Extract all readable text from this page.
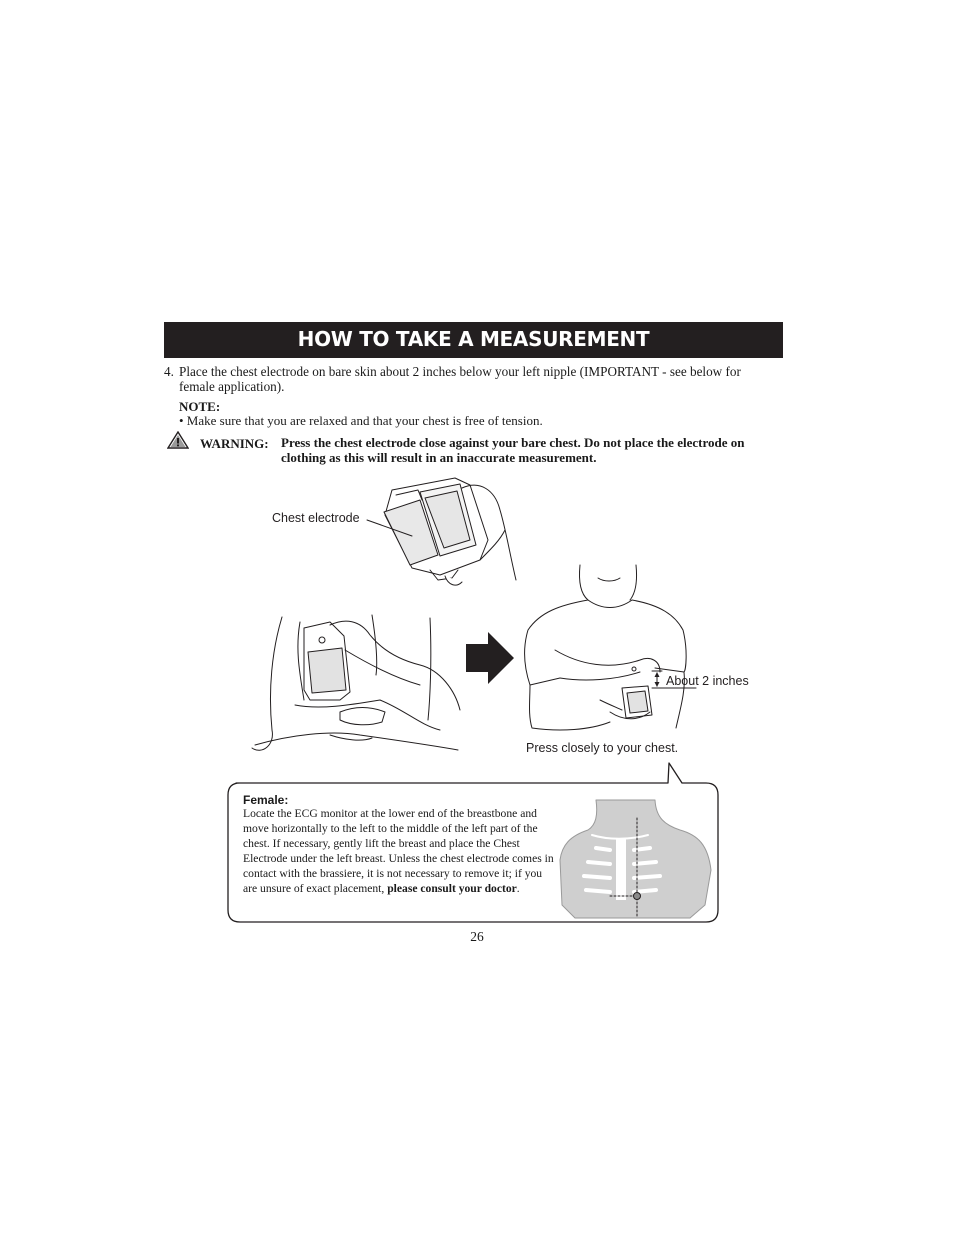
HOW TO TAKE A MEASUREMENT
4. Place the chest electrode on bare skin about 2 inches below your left nipple (IMPORTANT - see below for female application).
NOTE:
• Make sure that you are relaxed and that your chest is free of tension.
WARNING: Press the chest electrode close against your bare chest. Do not place the electrode on clothing as this will result in an inaccurate measurement.
Chest electrode
About 2 inches
Press closely to your chest.
Female:
Locate the ECG monitor at the lower end of the breastbone and move horizontally to the left to the middle of the left part of the chest. If necessary, gently lift the breast and place the Chest Electrode under the left breast. Unless the chest electrode comes in contact with the brassiere, it is not necessary to remove it; if you are unsure of exact placement, please consult your doctor.
26
